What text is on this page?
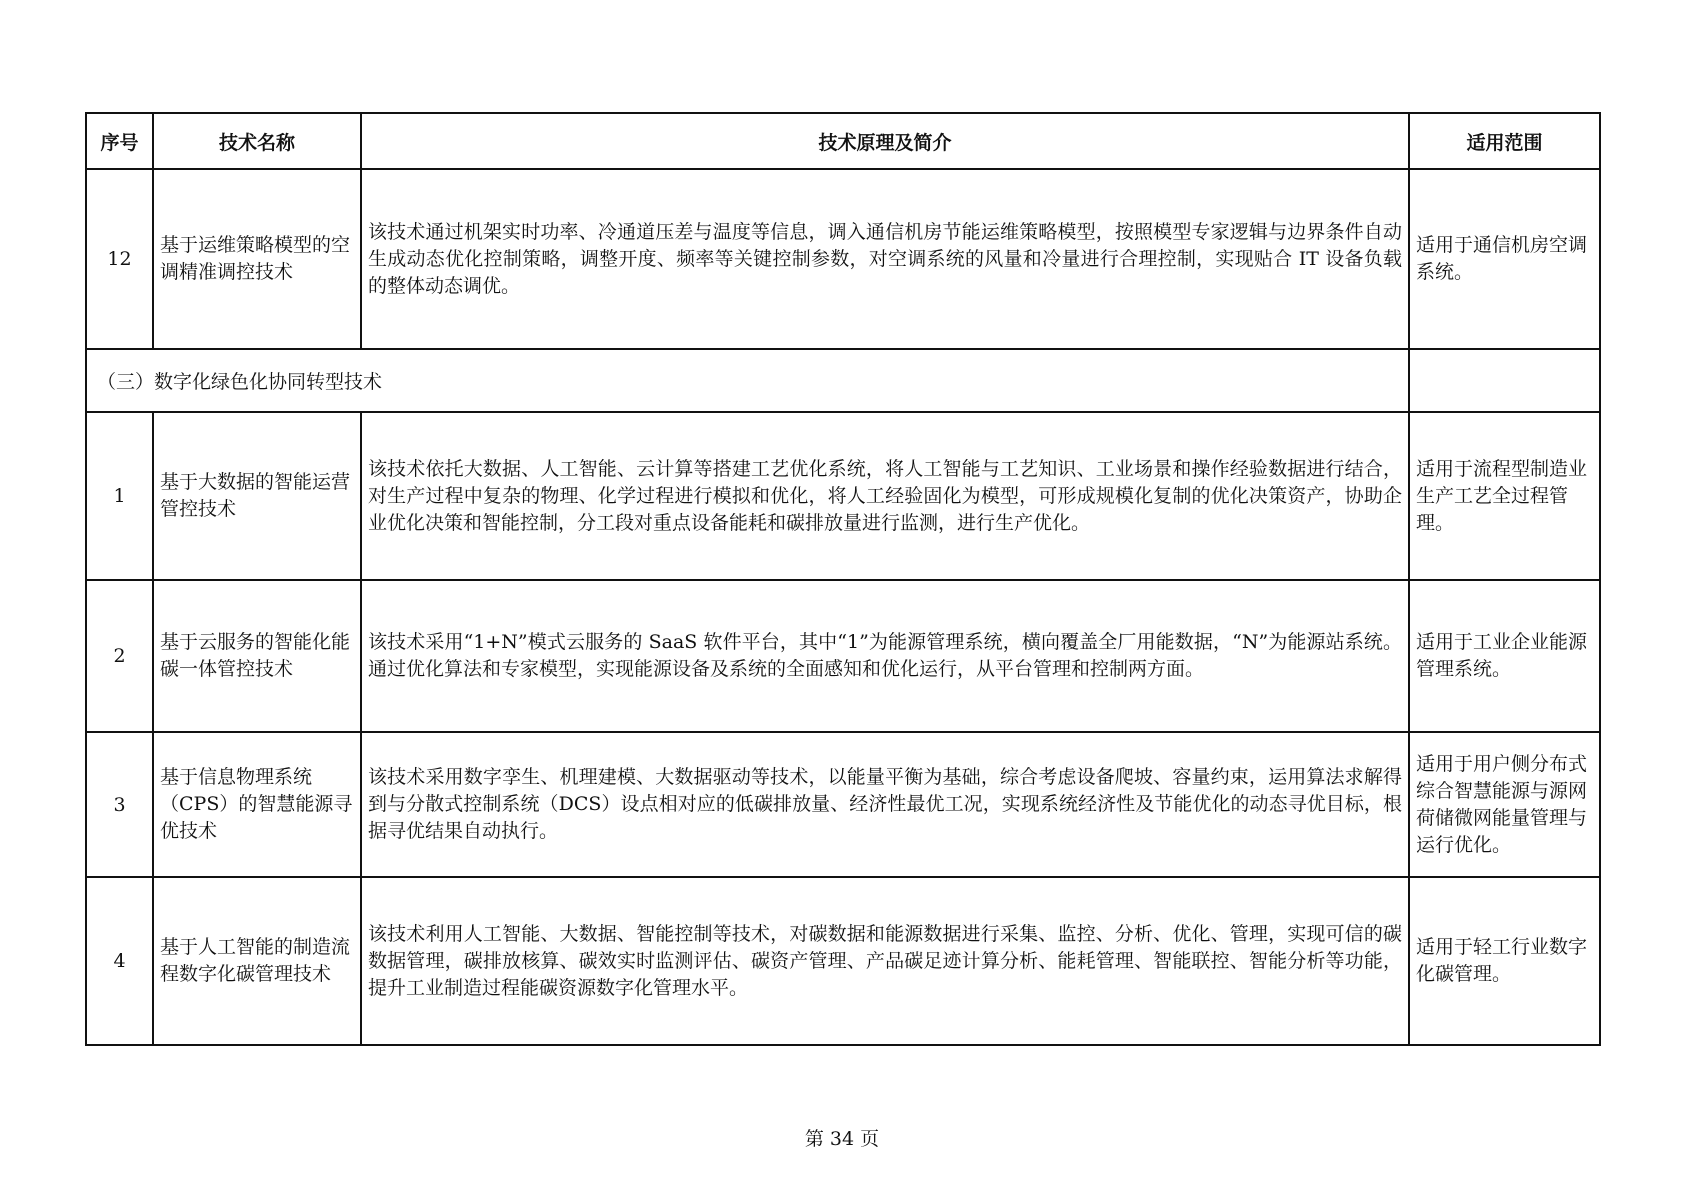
序号	技术名称	技术原理及简介	适用范围
12	基于运维策略模型的空调精准调控技术	该技术通过机架实时功率、冷通道压差与温度等信息，调入通信机房节能运维策略模型，按照模型专家逻辑与边界条件自动生成动态优化控制策略，调整开度、频率等关键控制参数，对空调系统的风量和冷量进行合理控制，实现贴合 IT 设备负载的整体动态调优。	适用于通信机房空调系统。
（三）数字化绿色化协同转型技术			
1	基于大数据的智能运营管控技术	该技术依托大数据、人工智能、云计算等搭建工艺优化系统，将人工智能与工艺知识、工业场景和操作经验数据进行结合，对生产过程中复杂的物理、化学过程进行模拟和优化，将人工经验固化为模型，可形成规模化复制的优化决策资产，协助企业优化决策和智能控制，分工段对重点设备能耗和碳排放量进行监测，进行生产优化。	适用于流程型制造业生产工艺全过程管理。
2	基于云服务的智能化能碳一体管控技术	该技术采用“1+N”模式云服务的 SaaS 软件平台，其中“1”为能源管理系统，横向覆盖全厂用能数据，“N”为能源站系统。通过优化算法和专家模型，实现能源设备及系统的全面感知和优化运行，从平台管理和控制两方面。	适用于工业企业能源管理系统。
3	基于信息物理系统（CPS）的智慧能源寻优技术	该技术采用数字孪生、机理建模、大数据驱动等技术，以能量平衡为基础，综合考虑设备爬坡、容量约束，运用算法求解得到与分散式控制系统（DCS）设点相对应的低碳排放量、经济性最优工况，实现系统经济性及节能优化的动态寻优目标，根据寻优结果自动执行。	适用于用户侧分布式综合智慧能源与源网荷储微网能量管理与运行优化。
4	基于人工智能的制造流程数字化碳管理技术	该技术利用人工智能、大数据、智能控制等技术，对碳数据和能源数据进行采集、监控、分析、优化、管理，实现可信的碳数据管理，碳排放核算、碳效实时监测评估、碳资产管理、产品碳足迹计算分析、能耗管理、智能联控、智能分析等功能，提升工业制造过程能碳资源数字化管理水平。	适用于轻工行业数字化碳管理。
第 34 页
